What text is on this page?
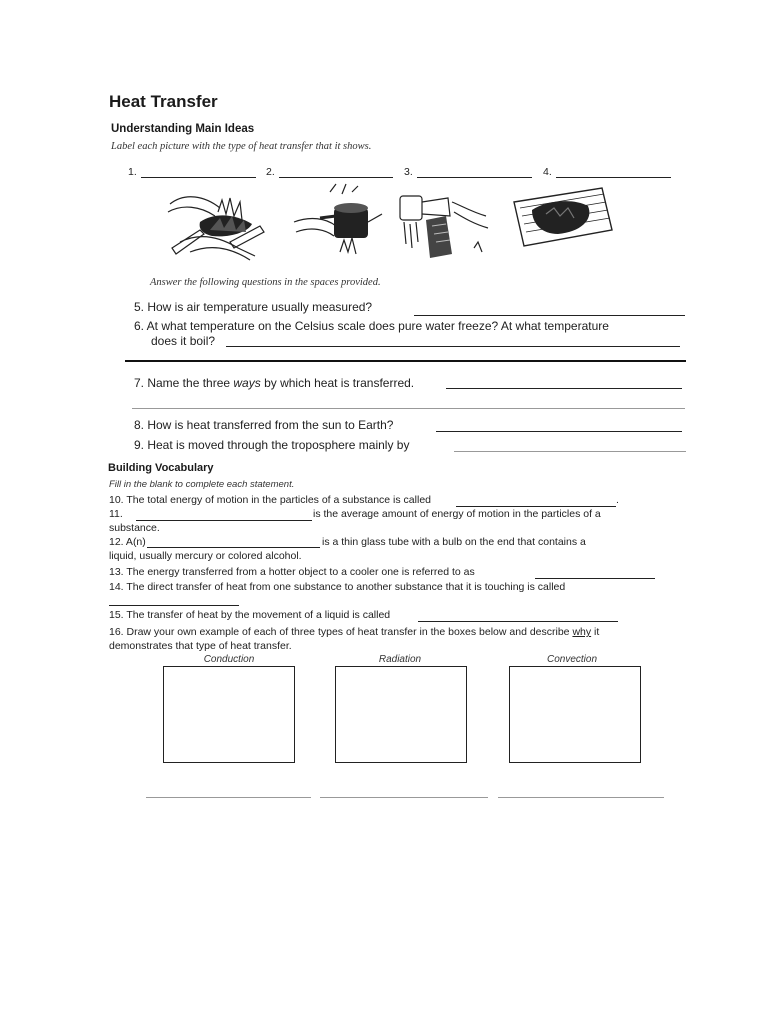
Heat Transfer
Understanding Main Ideas
Label each picture with the type of heat transfer that it shows.
1.	2.	3.	4.
Answer the following questions in the spaces provided.
5. How is air temperature usually measured?
6. At what temperature on the Celsius scale does pure water freeze? At what temperature
does it boil?
7. Name the three ways by which heat is transferred.
8. How is heat transferred from the sun to Earth?
9. Heat is moved through the troposphere mainly by
Building Vocabulary
Fill in the blank to complete each statement.
10. The total energy of motion in the particles of a substance is called	.
11.	is the average amount of energy of motion in the particles of a
substance.
12. A(n)	is a thin glass tube with a bulb on the end that contains a
liquid, usually mercury or colored alcohol.
13. The energy transferred from a hotter object to a cooler one is referred to as
14. The direct transfer of heat from one substance to another substance that it is touching is called
15. The transfer of heat by the movement of a liquid is called
16. Draw your own example of each of three types of heat transfer in the boxes below and describe why it
demonstrates that type of heat transfer.
Conduction	Radiation	Convection
